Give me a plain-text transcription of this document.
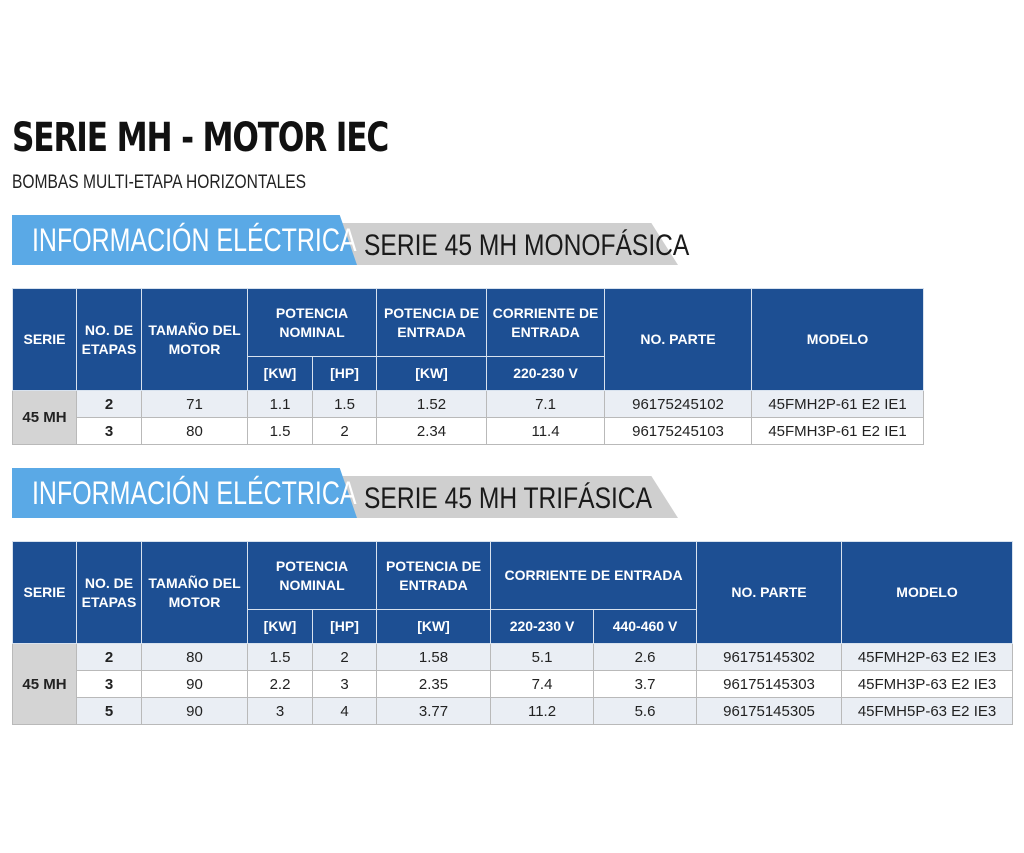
SERIE MH - MOTOR IEC
BOMBAS MULTI-ETAPA HORIZONTALES
INFORMACIÓN ELÉCTRICA SERIE 45 MH MONOFÁSICA
SERIE	NO. DE ETAPAS	TAMAÑO DEL MOTOR	POTENCIA NOMINAL		POTENCIA DE ENTRADA	CORRIENTE DE ENTRADA	NO. PARTE	MODELO
			[KW]	[HP]	[KW]	220-230 V		
45 MH	2	71	1.1	1.5	1.52	7.1	96175245102	45FMH2P-61 E2 IE1
	3	80	1.5	2	2.34	11.4	96175245103	45FMH3P-61 E2 IE1
INFORMACIÓN ELÉCTRICA SERIE 45 MH TRIFÁSICA
SERIE	NO. DE ETAPAS	TAMAÑO DEL MOTOR	POTENCIA NOMINAL		POTENCIA DE ENTRADA	CORRIENTE DE ENTRADA		NO. PARTE	MODELO
			[KW]	[HP]	[KW]	220-230 V	440-460 V		
45 MH	2	80	1.5	2	1.58	5.1	2.6	96175145302	45FMH2P-63 E2 IE3
	3	90	2.2	3	2.35	7.4	3.7	96175145303	45FMH3P-63 E2 IE3
	5	90	3	4	3.77	11.2	5.6	96175145305	45FMH5P-63 E2 IE3
